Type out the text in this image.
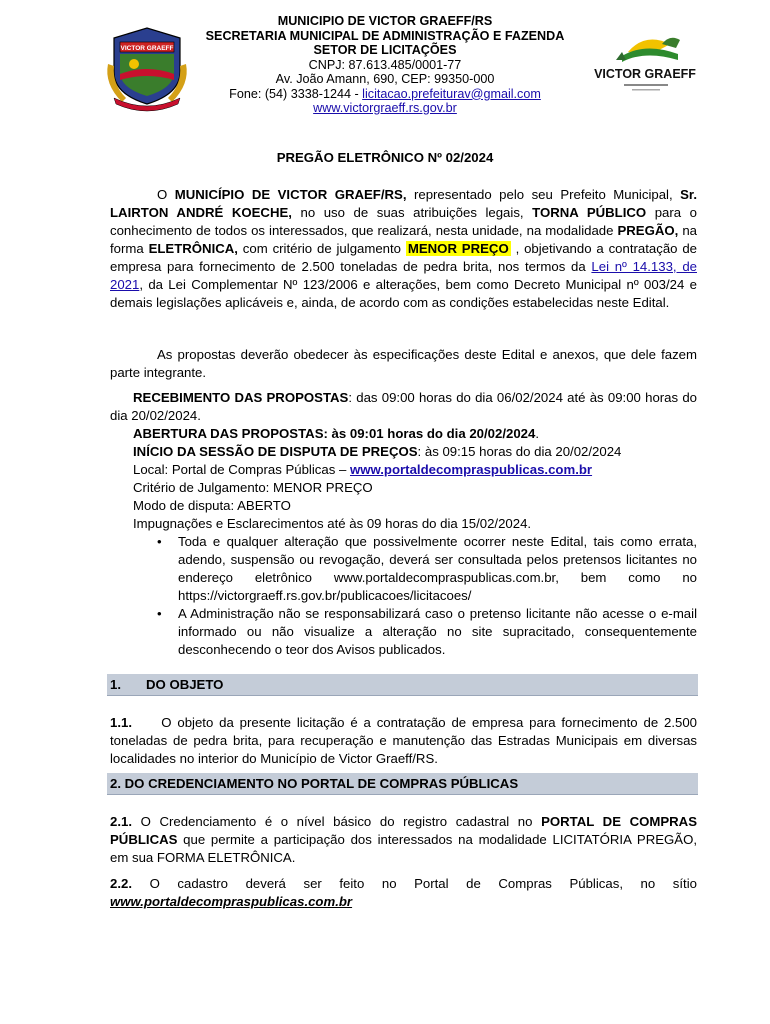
VICTOR GRAEFF
VICTOR GRAEFF
MUNICIPIO DE VICTOR GRAEFF/RS
SECRETARIA MUNICIPAL DE ADMINISTRAÇÃO E FAZENDA
SETOR DE LICITAÇÕES
CNPJ: 87.613.485/0001-77
Av. João Amann, 690, CEP: 99350-000
Fone: (54) 3338-1244 - licitacao.prefeiturav@gmail.com
www.victorgraeff.rs.gov.br
PREGÃO ELETRÔNICO Nº 02/2024
O MUNICÍPIO DE VICTOR GRAEF/RS, representado pelo seu Prefeito Municipal, Sr. LAIRTON ANDRÉ KOECHE, no uso de suas atribuições legais, TORNA PÚBLICO para o conhecimento de todos os interessados, que realizará, nesta unidade, na modalidade PREGÃO, na forma ELETRÔNICA, com critério de julgamento MENOR PREÇO , objetivando a contratação de empresa para fornecimento de 2.500 toneladas de pedra brita, nos termos da Lei nº 14.133, de 2021, da Lei Complementar Nº 123/2006 e alterações, bem como Decreto Municipal nº 003/24 e demais legislações aplicáveis e, ainda, de acordo com as condições estabelecidas neste Edital.
As propostas deverão obedecer às especificações deste Edital e anexos, que dele fazem parte integrante.
RECEBIMENTO DAS PROPOSTAS: das 09:00 horas do dia 06/02/2024 até às 09:00 horas do dia 20/02/2024.
ABERTURA DAS PROPOSTAS: às 09:01 horas do dia 20/02/2024.
INÍCIO DA SESSÃO DE DISPUTA DE PREÇOS: às 09:15 horas do dia 20/02/2024
Local: Portal de Compras Públicas – www.portaldecompraspublicas.com.br
Critério de Julgamento: MENOR PREÇO
Modo de disputa: ABERTO
Impugnações e Esclarecimentos até às 09 horas do dia 15/02/2024.
• Toda e qualquer alteração que possivelmente ocorrer neste Edital, tais como errata, adendo, suspensão ou revogação, deverá ser consultada pelos pretensos licitantes no endereço eletrônico www.portaldecompraspublicas.com.br, bem como no https://victorgraeff.rs.gov.br/publicacoes/licitacoes/
• A Administração não se responsabilizará caso o pretenso licitante não acesse o e-mail informado ou não visualize a alteração no site supracitado, consequentemente desconhecendo o teor dos Avisos publicados.
1. DO OBJETO
1.1. O objeto da presente licitação é a contratação de empresa para fornecimento de 2.500 toneladas de pedra brita, para recuperação e manutenção das Estradas Municipais em diversas localidades no interior do Município de Victor Graeff/RS.
2. DO CREDENCIAMENTO NO PORTAL DE COMPRAS PÚBLICAS
2.1. O Credenciamento é o nível básico do registro cadastral no PORTAL DE COMPRAS PÚBLICAS que permite a participação dos interessados na modalidade LICITATÓRIA PREGÃO, em sua FORMA ELETRÔNICA.
2.2. O cadastro deverá ser feito no Portal de Compras Públicas, no sítio www.portaldecompraspublicas.com.br
